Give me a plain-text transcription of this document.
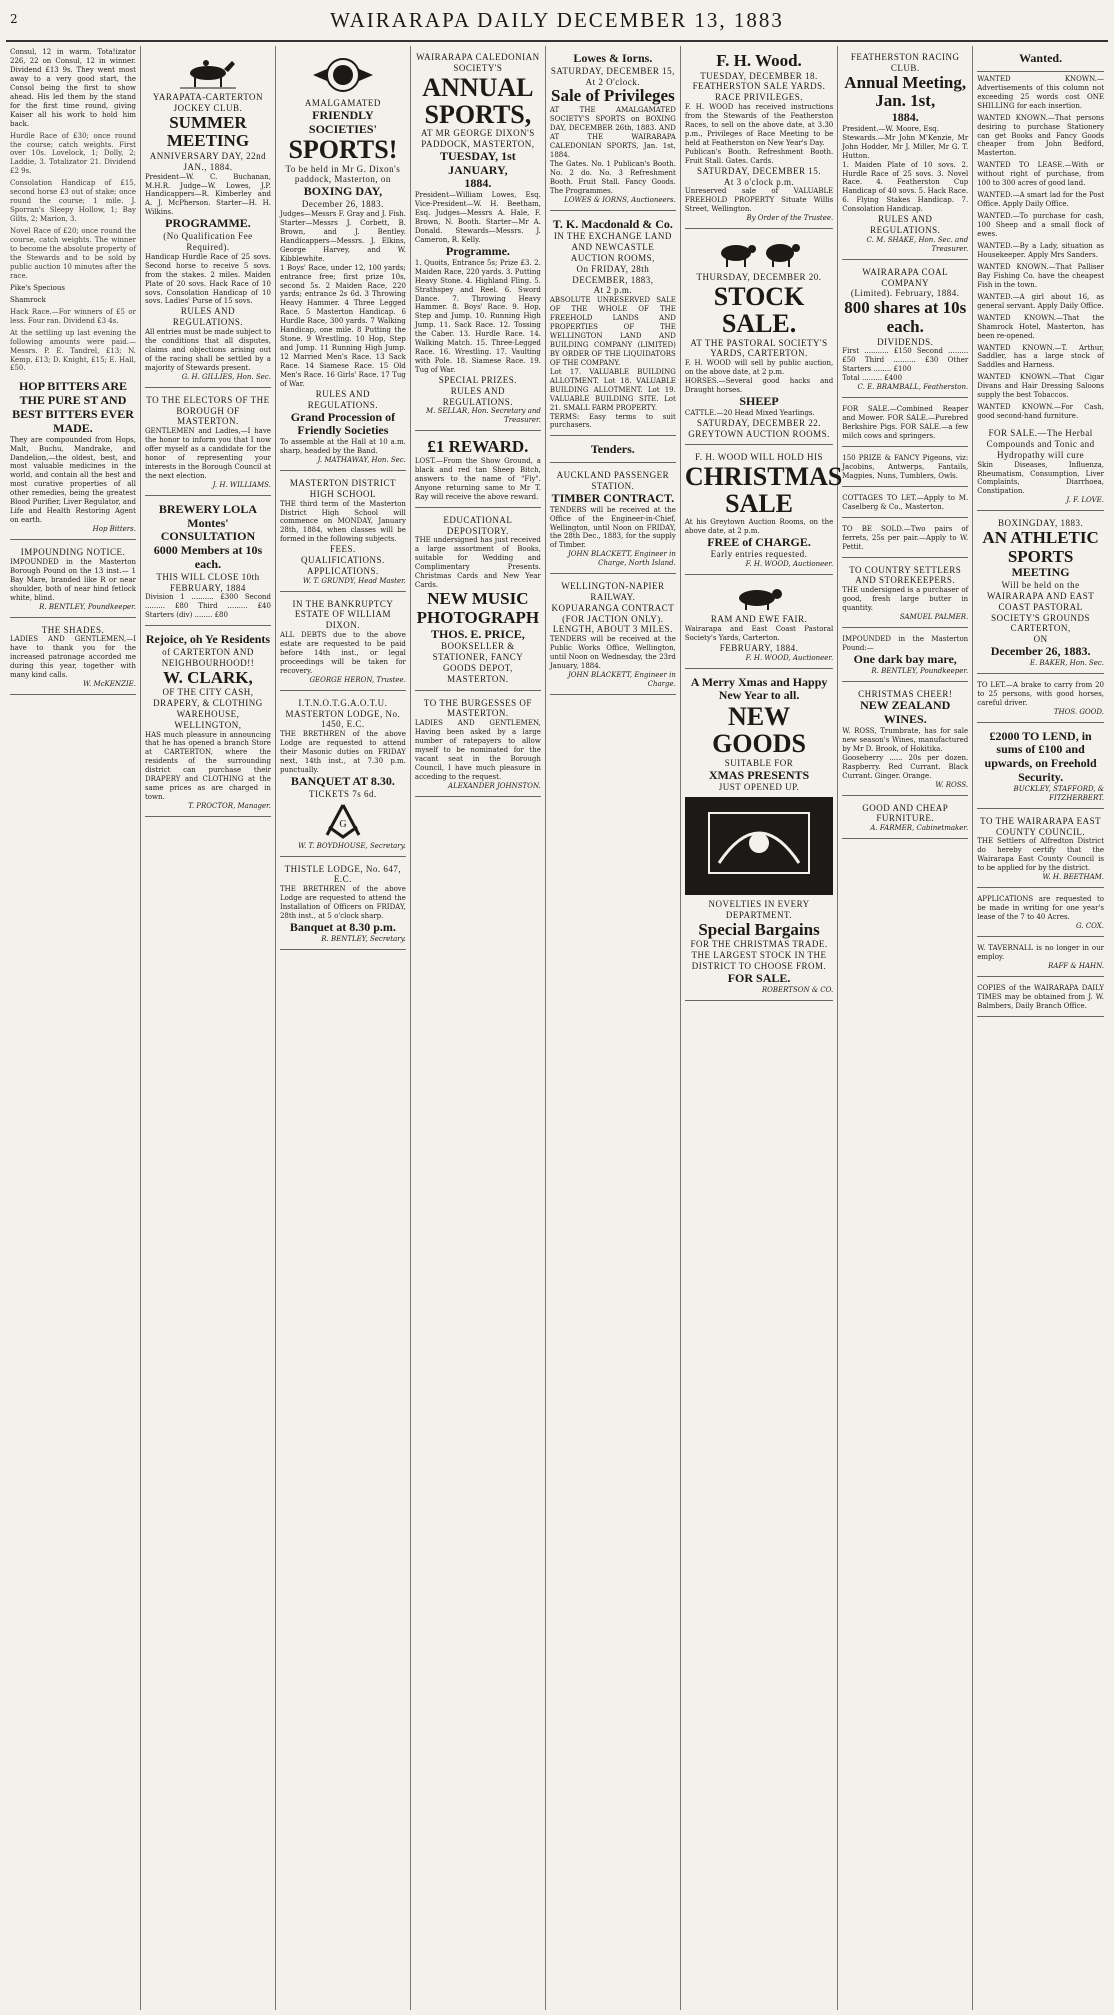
2	WAIRARAPA DAILY DECEMBER 13, 1883

Consul, 12 in warm. Tota!izator 226, 22 on Consul, 12 in winner. Dividend £13 9s. They went most away to a very good start, the Consol being the first to show ahead. His led them by the stand for the first time round, giving Kaiser all his work to hold him back.

Hurdle Race of £30; once round the course; catch weights. First over 10s. Lovelock, 1; Dolly, 2; Laddie, 3. Totalizator 21. Dividend £2 9s.

Consolation Handicap of £15, second horse £3 out of stake; once round the course; 1 mile. J. Sporran's Sleepy Hollow, 1; Bay Gilts, 2; Marion, 3.

Novel Race of £20; once round the course, catch weights. The winner to become the absolute property of the Stewards and to be sold by public auction 10 minutes after the race.

Pike's Specious

Shamrock

Hack Race.—For winners of £5 or less. Four ran. Dividend £3 4s.

At the settling up last evening the following amounts were paid.—Messrs. P. E. Tandrel, £13; N. Kemp, £13; D. Knight, £15; E. Hall, £50.

HOP BITTERS ARE THE PURE ST AND BEST BITTERS EVER MADE.
They are compounded from Hops, Malt, Buchu, Mandrake, and Dandelion,—the oldest, best, and most valuable medicines in the world, and contain all the best and most curative properties of all other remedies, being the greatest Blood Purifier, Liver Regulator, and Life and Health Restoring Agent on earth.
Hop Bitters.
IMPOUNDING NOTICE.
IMPOUNDED in the Masterton Borough Pound on the 13 inst.— 1 Bay Mare, branded like R or near shoulder, both of near hind fetlock white, blind.
R. BENTLEY, Poundkeeper.
THE SHADES.
LADIES AND GENTLEMEN,—I have to thank you for the increased patronage accorded me during this year, together with many kind calls.
W. McKENZIE.
YARAPATA-CARTERTON JOCKEY CLUB.
SUMMER MEETING
ANNIVERSARY DAY, 22nd JAN., 1884.
President—W. C. Buchanan, M.H.R. Judge—W. Lowes, J.P. Handicappers—R. Kimberley and A. J. McPherson. Starter—H. H. Wilkins.
PROGRAMME.
(No Qualification Fee Required).
Handicap Hurdle Race of 25 sovs. Second horse to receive 5 sovs. from the stakes. 2 miles. Maiden Plate of 20 sovs. Hack Race of 10 sovs. Consolation Handicap of 10 sovs. Ladies' Purse of 15 sovs.
RULES AND REGULATIONS.
All entries must be made subject to the conditions that all disputes, claims and objections arising out of the racing shall be settled by a majority of Stewards present.
G. H. GILLIES, Hon. Sec.
TO THE ELECTORS OF THE BOROUGH OF MASTERTON.
GENTLEMEN and Ladies,—I have the honor to inform you that I now offer myself as a candidate for the honor of representing your interests in the Borough Council at the next election.
J. H. WILLIAMS.
BREWERY LOLA Montes' CONSULTATION
6000 Members at 10s each.
THIS WILL CLOSE 10th FEBRUARY, 1884
Division 1 .......... £300 Second ......... £80 Third ......... £40 Starters (div) ........ £80
Rejoice, oh Ye Residents
of CARTERTON AND NEIGHBOURHOOD!!
W. CLARK,
OF THE CITY CASH, DRAPERY, & CLOTHING WAREHOUSE, WELLINGTON,
HAS much pleasure in announcing that he has opened a branch Store at CARTERTON, where the residents of the surrounding district can purchase their DRAPERY and CLOTHING at the same prices as are charged in town.
T. PROCTOR, Manager.
AMALGAMATED
FRIENDLY SOCIETIES'
SPORTS!
To be held in Mr G. Dixon's paddock, Masterton, on
BOXING DAY,
December 26, 1883.
Judges—Messrs F. Gray and J. Fish. Starter—Messrs J. Corbett, B. Brown, and J. Bentley. Handicappers—Messrs. J. Elkins, George Harvey, and W. Kibblewhite.
1 Boys' Race, under 12, 100 yards; entrance free; first prize 10s, second 5s. 2 Maiden Race, 220 yards; entrance 2s 6d. 3 Throwing Heavy Hammer. 4 Three Legged Race. 5 Masterton Handicap. 6 Hurdle Race, 300 yards. 7 Walking Handicap, one mile. 8 Putting the Stone. 9 Wrestling. 10 Hop, Step and Jump. 11 Running High Jump. 12 Married Men's Race. 13 Sack Race. 14 Siamese Race. 15 Old Men's Race. 16 Girls' Race. 17 Tug of War.
RULES AND REGULATIONS.
Grand Procession of Friendly Societies
To assemble at the Hall at 10 a.m. sharp, headed by the Band.
J. MATHAWAY, Hon. Sec.
MASTERTON DISTRICT HIGH SCHOOL
THE third term of the Masterton District High School will commence on MONDAY, January 28th, 1884, when classes will be formed in the following subjects.
FEES.
QUALIFICATIONS.
APPLICATIONS.
W. T. GRUNDY, Head Master.
IN THE BANKRUPTCY ESTATE OF WILLIAM DIXON.
ALL DEBTS due to the above estate are requested to be paid before 14th inst., or legal proceedings will be taken for recovery.
GEORGE HERON, Trustee.
I.T.N.O.T.G.A.O.T.U.
MASTERTON LODGE, No. 1450, E.C.
THE BRETHREN of the above Lodge are requested to attend their Masonic duties on FRIDAY next, 14th inst., at 7.30 p.m. punctually.
BANQUET AT 8.30.
TICKETS 7s 6d.
G
W. T. BOYDHOUSE, Secretary.
THISTLE LODGE, No. 647, E.C.
THE BRETHREN of the above Lodge are requested to attend the Installation of Officers on FRIDAY, 28th inst., at 5 o'clock sharp.
Banquet at 8.30 p.m.
R. BENTLEY, Secretary.
WAIRARAPA CALEDONIAN SOCIETY'S
ANNUAL SPORTS,
AT MR GEORGE DIXON'S PADDOCK, MASTERTON,
TUESDAY, 1st JANUARY,
1884.
President—William Lowes, Esq. Vice-President—W. H. Beetham, Esq. Judges—Messrs A. Hale, F. Brown, N. Booth. Starter—Mr A. Donald. Stewards—Messrs. J. Cameron, R. Kelly.
Programme.
1. Quoits, Entrance 5s; Prize £3. 2. Maiden Race, 220 yards. 3. Putting Heavy Stone. 4. Highland Fling. 5. Strathspey and Reel. 6. Sword Dance. 7. Throwing Heavy Hammer. 8. Boys' Race. 9. Hop, Step and Jump. 10. Running High Jump. 11. Sack Race. 12. Tossing the Caber. 13. Hurdle Race. 14. Walking Match. 15. Three-Legged Race. 16. Wrestling. 17. Vaulting with Pole. 18. Siamese Race. 19. Tug of War.
SPECIAL PRIZES.
RULES AND REGULATIONS.
M. SELLAR, Hon. Secretary and Treasurer.
£1 REWARD.
LOST.—From the Show Ground, a black and red tan Sheep Bitch, answers to the name of "Fly". Anyone returning same to Mr T. Ray will receive the above reward.
EDUCATIONAL DEPOSITORY.
THE undersigned has just received a large assortment of Books, suitable for Wedding and Complimentary Presents. Christmas Cards and New Year Cards.
NEW MUSIC
PHOTOGRAPH
THOS. E. PRICE,
BOOKSELLER & STATIONER, FANCY GOODS DEPOT, MASTERTON.
TO THE BURGESSES OF MASTERTON.
LADIES AND GENTLEMEN, Having been asked by a large number of ratepayers to allow myself to be nominated for the vacant seat in the Borough Council, I have much pleasure in acceding to the request.
ALEXANDER JOHNSTON.
Lowes & Iorns.
SATURDAY, DECEMBER 15,
At 2 O'clock.
Sale of Privileges
AT THE AMALGAMATED SOCIETY'S SPORTS on BOXING DAY, DECEMBER 26th, 1883. AND AT THE WAIRARAPA CALEDONIAN SPORTS, Jan. 1st, 1884.
The Gates. No. 1 Publican's Booth. No. 2 do. No. 3 Refreshment Booth. Fruit Stall. Fancy Goods. The Programmes.
LOWES & IORNS, Auctioneers.
T. K. Macdonald & Co.
IN THE EXCHANGE LAND AND NEWCASTLE AUCTION ROOMS,
On FRIDAY, 28th DECEMBER, 1883,
At 2 p.m.
ABSOLUTE UNRESERVED SALE OF THE WHOLE OF THE FREEHOLD LANDS AND PROPERTIES OF THE WELLINGTON LAND AND BUILDING COMPANY (LIMITED) BY ORDER OF THE LIQUIDATORS OF THE COMPANY.
Lot 17. VALUABLE BUILDING ALLOTMENT. Lot 18. VALUABLE BUILDING ALLOTMENT. Lot 19. VALUABLE BUILDING SITE. Lot 21. SMALL FARM PROPERTY.
TERMS: Easy terms to suit purchasers.
Tenders.
AUCKLAND PASSENGER STATION.
TIMBER CONTRACT.
TENDERS will be received at the Office of the Engineer-in-Chief, Wellington, until Noon on FRIDAY, the 28th Dec., 1883, for the supply of Timber.
JOHN BLACKETT, Engineer in Charge, North Island.
WELLINGTON-NAPIER RAILWAY.
KOPUARANGA CONTRACT (FOR JACTION ONLY).
LENGTH, ABOUT 3 MILES.
TENDERS will be received at the Public Works Office, Wellington, until Noon on Wednesday, the 23rd January, 1884.
JOHN BLACKETT, Engineer in Charge.
F. H. Wood.
TUESDAY, DECEMBER 18.
FEATHERSTON SALE YARDS.
RACE PRIVILEGES.
F. H. WOOD has received instructions from the Stewards of the Featherston Races, to sell on the above date, at 3.30 p.m., Privileges of Race Meeting to be held at Featherston on New Year's Day.
Publican's Booth. Refreshment Booth. Fruit Stall. Gates. Cards.
SATURDAY, DECEMBER 15.
At 3 o'clock p.m.
Unreserved sale of VALUABLE FREEHOLD PROPERTY Situate Willis Street, Wellington.
By Order of the Trustee.
THURSDAY, DECEMBER 20.
STOCK SALE.
AT THE PASTORAL SOCIETY'S YARDS, CARTERTON.
F. H. WOOD will sell by public auction, on the above date, at 2 p.m.
HORSES.—Several good hacks and Draught horses.
SHEEP
CATTLE.—20 Head Mixed Yearlings.
SATURDAY, DECEMBER 22.
GREYTOWN AUCTION ROOMS.
F. H. WOOD WILL HOLD HIS
CHRISTMAS
SALE
At his Greytown Auction Rooms, on the above date, at 2 p.m.
FREE of CHARGE.
Early entries requested.
F. H. WOOD, Auctioneer.
RAM AND EWE FAIR.
Wairarapa and East Coast Pastoral Society's Yards, Carterton.
FEBRUARY, 1884.
F. H. WOOD, Auctioneer.
A Merry Xmas and Happy New Year to all.
NEW GOODS
SUITABLE FOR
XMAS PRESENTS
JUST OPENED UP.
NOVELTIES IN EVERY DEPARTMENT.
Special Bargains
FOR THE CHRISTMAS TRADE.
THE LARGEST STOCK IN THE DISTRICT TO CHOOSE FROM.
FOR SALE.
ROBERTSON & CO.
FEATHERSTON RACING CLUB.
Annual Meeting, Jan. 1st,
1884.
President.—W. Moore, Esq.
Stewards.—Mr John M'Kenzie, Mr John Hodder, Mr J. Miller, Mr G. T. Hutton.
1. Maiden Plate of 10 sovs. 2. Hurdle Race of 25 sovs. 3. Novel Race. 4. Featherston Cup Handicap of 40 sovs. 5. Hack Race. 6. Flying Stakes Handicap. 7. Consolation Handicap.
RULES AND REGULATIONS.
C. M. SHAKE, Hon. Sec. and Treasurer.
WAIRARAPA COAL COMPANY
(Limited). February, 1884.
800 shares at 10s each.
DIVIDENDS.
First ........... £150 Second ......... £50 Third .......... £30 Other Starters ........ £100
Total ......... £400
C. E. BRAMBALL, Featherston.
FOR SALE.—Combined Reaper and Mower. FOR SALE.—Purebred Berkshire Pigs. FOR SALE.—a few milch cows and springers.
150 PRIZE & FANCY Pigeons, viz: Jacobins, Antwerps, Fantails, Magpies, Nuns, Tumblers, Owls.
COTTAGES TO LET.—Apply to M. Caselberg & Co., Masterton.
TO BE SOLD.—Two pairs of ferrets, 25s per pair.—Apply to W. Pettit.
TO COUNTRY SETTLERS AND STOREKEEPERS.
THE undersigned is a purchaser of good, fresh large butter in quantity.
SAMUEL PALMER.
IMPOUNDED in the Masterton Pound:—
One dark bay mare,
R. BENTLEY, Poundkeeper.
CHRISTMAS CHEER!
NEW ZEALAND WINES.
W. ROSS, Trumbrate, has for sale new season's Wines, manufactured by Mr D. Brook, of Hokitika.
Gooseberry ...... 20s per dozen. Raspberry. Red Currant. Black Currant. Ginger. Orange.
W. ROSS.
GOOD AND CHEAP FURNITURE.
A. FARMER, Cabinetmaker.
Wanted.

WANTED KNOWN.—Advertisements of this column not exceeding 25 words cost ONE SHILLING for each insertion.

WANTED KNOWN.—That persons desiring to purchase Stationery can get Books and Fancy Goods cheaper from John Bedford, Masterton.

WANTED TO LEASE.—With or without right of purchase, from 100 to 300 acres of good land.

WANTED.—A smart lad for the Post Office. Apply Daily Office.

WANTED.—To purchase for cash, 100 Sheep and a small flock of ewes.

WANTED.—By a Lady, situation as Housekeeper. Apply Mrs Sanders.

WANTED KNOWN.—That Palliser Bay Fishing Co. have the cheapest Fish in the town.

WANTED.—A girl about 16, as general servant. Apply Daily Office.

WANTED KNOWN.—That the Shamrock Hotel, Masterton, has been re-opened.

WANTED KNOWN.—T. Arthur, Saddler, has a large stock of Saddles and Harness.

WANTED KNOWN.—That Cigar Divans and Hair Dressing Saloons supply the best Tobaccos.

WANTED KNOWN.—For Cash, good second-hand furniture.

FOR SALE.—The Herbal Compounds and Tonic and Hydropathy will cure
Skin Diseases, Influenza, Rheumatism, Consumption, Liver Complaints, Diarrhoea, Constipation.
J. F. LOVE.
BOXINGDAY, 1883.
AN ATHLETIC SPORTS
MEETING
Will be held on the
WAIRARAPA AND EAST COAST PASTORAL SOCIETY'S GROUNDS CARTERTON,
ON
December 26, 1883.
E. BAKER, Hon. Sec.
TO LET.—A brake to carry from 20 to 25 persons, with good horses, careful driver.
THOS. GOOD.
£2000 TO LEND, in sums of £100 and upwards, on Freehold Security.
BUCKLEY, STAFFORD, & FITZHERBERT.
TO THE WAIRARAPA EAST COUNTY COUNCIL.
THE Settlers of Alfredton District do hereby certify that the Wairarapa East County Council is to be applied for by the district.
W. H. BEETHAM.
APPLICATIONS are requested to be made in writing for one year's lease of the 7 to 40 Acres.
G. COX.
W. TAVERNALL is no longer in our employ.
RAFF & HAHN.
COPIES of the WAIRARAPA DAILY TIMES may be obtained from J. W. Balmbers, Daily Branch Office.
